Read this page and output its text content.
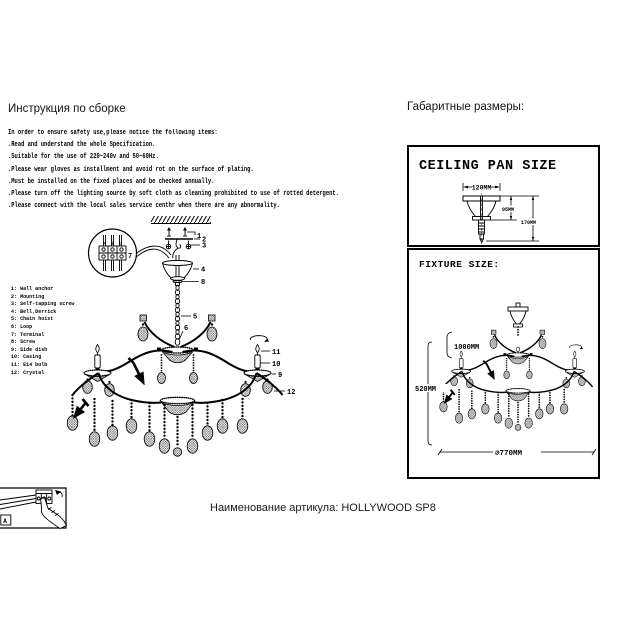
Инструкция по сборке
In order to ensure safety use,please notice the following items:
.Read and understand the whole Specification.
.Suitable for the use of 220~240v and 50~60Hz.
.Please wear gloves as installment and avoid rot on the surface of plating.
.Must be installed on the fixed places and be checked annually.
.Please turn off the lighting source by soft cloth as cleaning prohibited to use of rotted detergent.
.Please connect with the local sales service centhr when there are any abnormality.
1: Wall anchor
2: Mounting
3: Self-tapping screw
4: Bell,Derrick
5: Chain hoist
6: Loop
7: Terminal
8: Screw
9: Side dish
10: Casing
11: E14 bulb
12: Crystal
1 2
3
4
8
5
6
11
10
9
12
N ⏚ L
7
Габаритные размеры:
CEILING PAN SIZE
120MM
95MM
170MM
FIXTURE SIZE:
1000MM
520MM
∅770MM
A
Наименование артикула: HOLLYWOOD SP8
